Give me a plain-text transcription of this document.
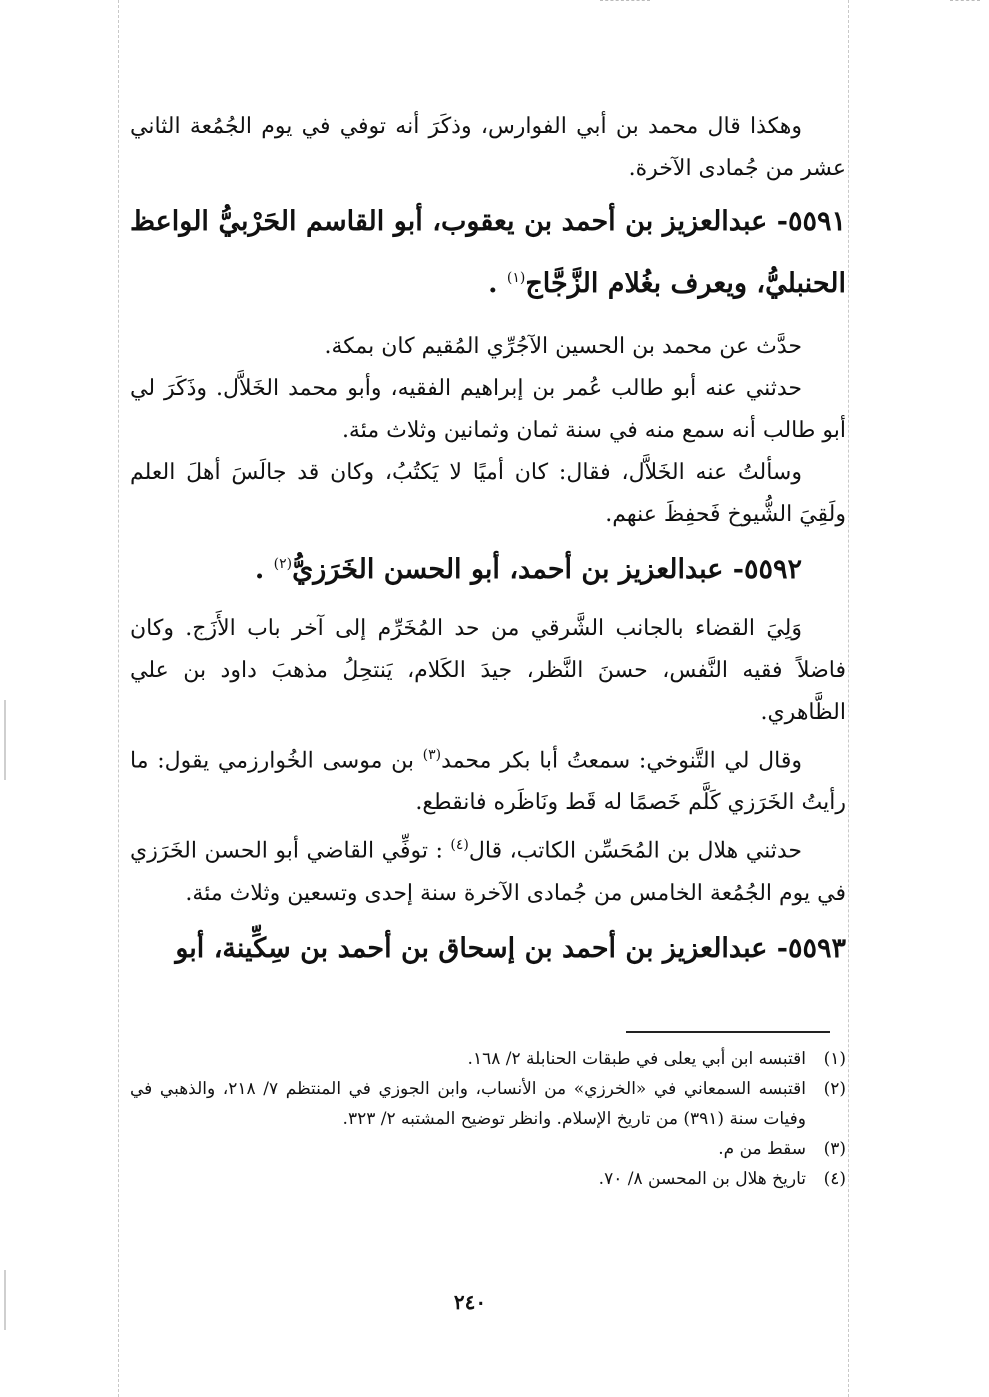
وهكذا قال محمد بن أبي الفوارس، وذكَرَ أنه توفي في يوم الجُمُعة الثاني عشر من جُمادى الآخرة.

٥٥٩١- عبدالعزيز بن أحمد بن يعقوب، أبو القاسم الحَرْبيُّ الواعظ الحنبليُّ، ويعرف بغُلام الزَّجَّاج$^{(١)}$ .

حدَّث عن محمد بن الحسين الآجُرِّي المُقيم كان بمكة.

حدثني عنه أبو طالب عُمر بن إبراهيم الفقيه، وأبو محمد الخَلاَّل. وذَكَرَ لي أبو طالب أنه سمع منه في سنة ثمان وثمانين وثلاث مئة.

وسألتُ عنه الخَلاَّل، فقال: كان أميًا لا يَكتُبُ، وكان قد جالَسَ أهلَ العلم ولَقِيَ الشُّيوخ فَحفِظَ عنهم.

٥٥٩٢- عبدالعزيز بن أحمد، أبو الحسن الخَرَزيُّ$^{(٢)}$ .

وَلِيَ القضاء بالجانب الشَّرقي من حد المُخَرِّم إلى آخر باب الأَزَج. وكان فاضلاً فقيه النَّفس، حسنَ النَّظر، جيدَ الكَلام، يَنتحِلُ مذهبَ داود بن علي الظَّاهري.

وقال لي التَّنوخي: سمعتُ أبا بكر محمد$^{(٣)}$ بن موسى الخُوارزمي يقول: ما رأيتُ الخَرَزي كَلَّم خَصمًا له قَط ونَاظَره فانقطع.

حدثني هلال بن المُحَسِّن الكاتب، قال$^{(٤)}$ : توفِّي القاضي أبو الحسن الخَرَزي في يوم الجُمُعة الخامس من جُمادى الآخرة سنة إحدى وتسعين وثلاث مئة.

٥٥٩٣- عبدالعزيز بن أحمد بن إسحاق بن أحمد بن سِكِّينة، أبو

(١)
اقتبسه ابن أبي يعلى في طبقات الحنابلة ٢/ ١٦٨.
(٢)
اقتبسه السمعاني في «الخرزي» من الأنساب، وابن الجوزي في المنتظم ٧/ ٢١٨، والذهبي في وفيات سنة (٣٩١) من تاريخ الإسلام. وانظر توضيح المشتبه ٢/ ٣٢٣.
(٣)
سقط من م.
(٤)
تاريخ هلال بن المحسن ٨/ ٧٠.
٢٤٠
